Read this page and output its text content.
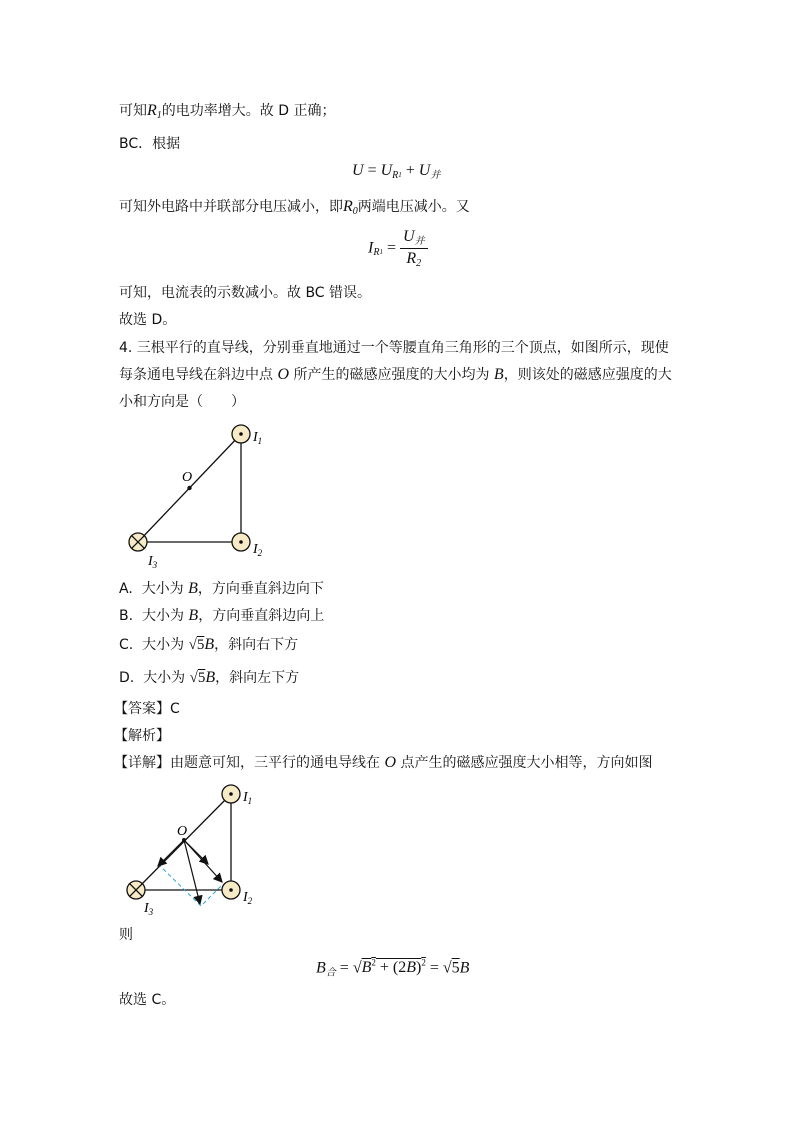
可知$R_1$的电功率增大。故 D 正确；
BC．根据
$U = U_R1 + U_并$
可知外电路中并联部分电压减小，即$R_0$两端电压减小。又
$I_R1 = \frac{U_并}{R_2}$
可知，电流表的示数减小。故 BC 错误。
故选 D。
4. 三根平行的直导线，分别垂直地通过一个等腰直角三角形的三个顶点，如图所示，现使
每条通电导线在斜边中点 O 所产生的磁感应强度的大小均为 B，则该处的磁感应强度的大
小和方向是（　　）
O
$I_1$
$I_2$
$I_3$
A. 大小为 B，方向垂直斜边向下
B. 大小为 B，方向垂直斜边向上
C. 大小为 √5B，斜向右下方
D. 大小为 √5B，斜向左下方
【答案】C
【解析】
【详解】由题意可知，三平行的通电导线在 O 点产生的磁感应强度大小相等，方向如图
O
$I_1$
$I_2$
$I_3$
则
$B_合 = √B^2 + (2B)^2 = √5B$
故选 C。
